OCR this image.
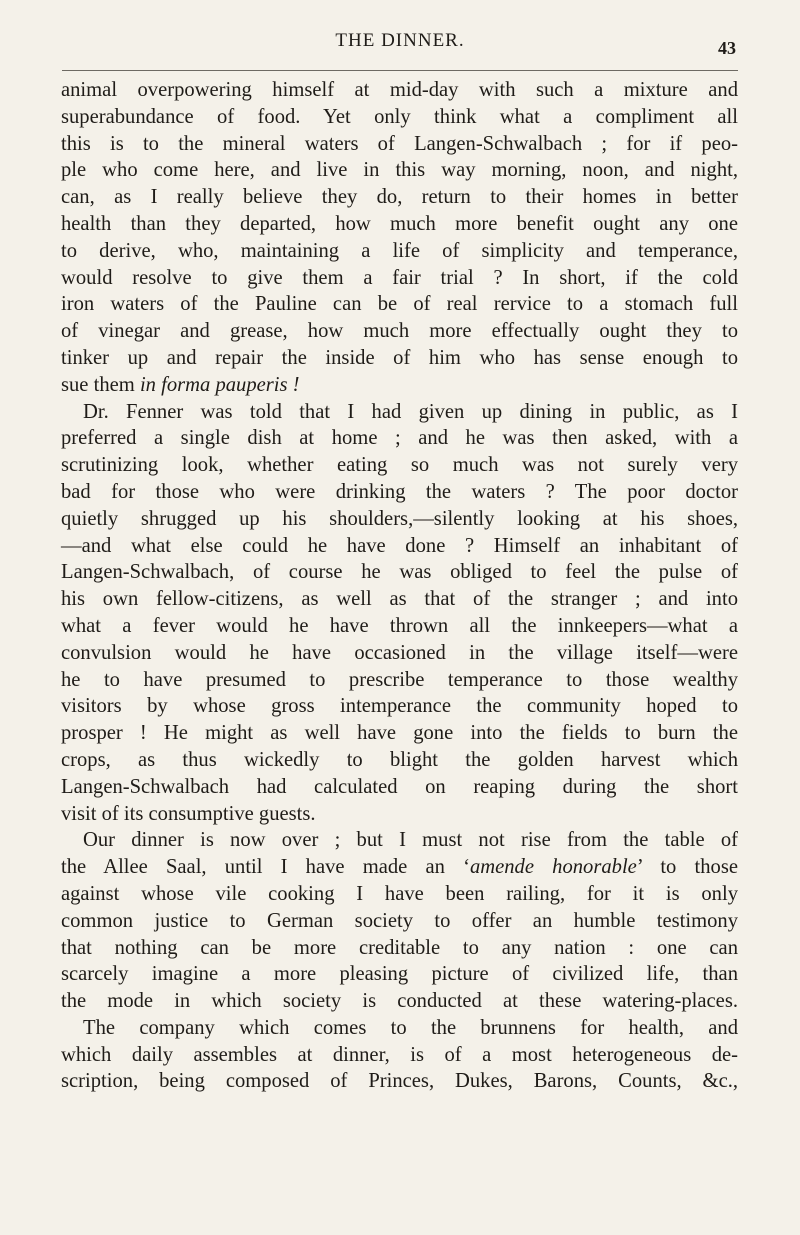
THE DINNER.	43
animal overpowering himself at mid-day with such a mixture and
superabundance of food. Yet only think what a compliment all
this is to the mineral waters of Langen-Schwalbach ; for if peo-
ple who come here, and live in this way morning, noon, and night,
can, as I really believe they do, return to their homes in better
health than they departed, how much more benefit ought any one
to derive, who, maintaining a life of simplicity and temperance,
would resolve to give them a fair trial ? In short, if the cold
iron waters of the Pauline can be of real rervice to a stomach full
of vinegar and grease, how much more effectually ought they to
tinker up and repair the inside of him who has sense enough to
sue them in forma pauperis !
Dr. Fenner was told that I had given up dining in public, as I
preferred a single dish at home ; and he was then asked, with a
scrutinizing look, whether eating so much was not surely very
bad for those who were drinking the waters ? The poor doctor
quietly shrugged up his shoulders,—silently looking at his shoes,
—and what else could he have done ? Himself an inhabitant of
Langen-Schwalbach, of course he was obliged to feel the pulse of
his own fellow-citizens, as well as that of the stranger ; and into
what a fever would he have thrown all the innkeepers—what a
convulsion would he have occasioned in the village itself—were
he to have presumed to prescribe temperance to those wealthy
visitors by whose gross intemperance the community hoped to
prosper ! He might as well have gone into the fields to burn the
crops, as thus wickedly to blight the golden harvest which
Langen-Schwalbach had calculated on reaping during the short
visit of its consumptive guests.
Our dinner is now over ; but I must not rise from the table of
the Allee Saal, until I have made an ‘amende honorable’ to those
against whose vile cooking I have been railing, for it is only
common justice to German society to offer an humble testimony
that nothing can be more creditable to any nation : one can
scarcely imagine a more pleasing picture of civilized life, than
the mode in which society is conducted at these watering-places.
The company which comes to the brunnens for health, and
which daily assembles at dinner, is of a most heterogeneous de-
scription, being composed of Princes, Dukes, Barons, Counts, &c.,
